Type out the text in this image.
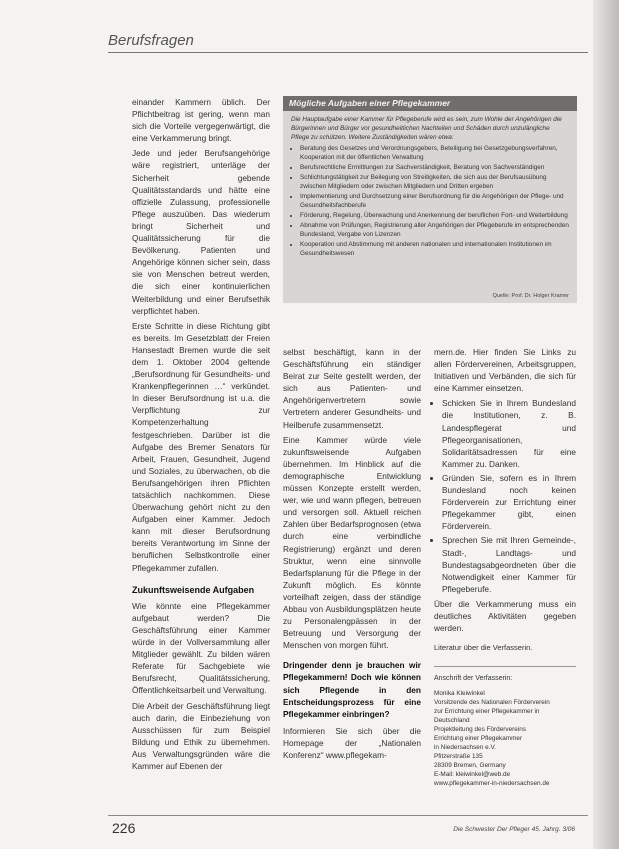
Berufsfragen

einander Kammern üblich. Der Pflichtbeitrag ist gering, wenn man sich die Vorteile vergegenwärtigt, die eine Verkammerung bringt.

Jede und jeder Berufsangehörige wäre registriert, unterläge der Sicherheit gebende Qualitätsstandards und hätte eine offizielle Zulassung, professionelle Pflege auszuüben. Das wiederum bringt Sicherheit und Qualitätssicherung für die Bevölkerung. Patienten und Angehörige können sicher sein, dass sie von Menschen betreut werden, die sich einer kontinuierlichen Weiterbildung und einer Berufsethik verpflichtet haben.

Erste Schritte in diese Richtung gibt es bereits. Im Gesetzblatt der Freien Hansestadt Bremen wurde die seit dem 1. Oktober 2004 geltende „Berufsordnung für Gesundheits- und Krankenpflegerinnen …“ verkündet. In dieser Berufsordnung ist u.a. die Verpflichtung zur Kompetenzerhaltung festgeschrieben. Darüber ist die Aufgabe des Bremer Senators für Arbeit, Frauen, Gesundheit, Jugend und Soziales, zu überwachen, ob die Berufsangehörigen ihren Pflichten tatsächlich nachkommen. Diese Überwachung gehört nicht zu den Aufgaben einer Kammer. Jedoch kann mit dieser Berufsordnung bereits Verantwortung im Sinne der beruflichen Selbstkontrolle einer Pflegekammer zufallen.

Zukunftsweisende Aufgaben

Wie könnte eine Pflegekammer aufgebaut werden? Die Geschäftsführung einer Kammer würde in der Vollversammlung aller Mitglieder gewählt. Zu bilden wären Referate für Sachgebiete wie Berufsrecht, Qualitätssicherung, Öffentlichkeitsarbeit und Verwaltung.

Die Arbeit der Geschäftsführung liegt auch darin, die Einbeziehung von Ausschüssen für zum Beispiel Bildung und Ethik zu übernehmen. Aus Verwaltungsgründen wäre die Kammer auf Ebenen der

Mögliche Aufgaben einer Pflegekammer
Die Hauptaufgabe einer Kammer für Pflegeberufe wird es sein, zum Wohle der Angehörigen die Bürgerinnen und Bürger vor gesundheitlichen Nachteilen und Schäden durch unzulängliche Pflege zu schützen. Weitere Zuständigkeiten wären etwa:
• Beratung des Gesetzes und Verordnungsgebers, Beteiligung bei Gesetzgebungsverfahren, Kooperation mit der öffentlichen Verwaltung
• Berufsrechtliche Ermittlungen zur Sachverständigkeit, Beratung von Sachverständigen
• Schlichtungstätigkeit zur Beilegung von Streitigkeiten, die sich aus der Berufsausübung zwischen Mitgliedern oder zwischen Mitgliedern und Dritten ergeben
• Implementierung und Durchsetzung einer Berufsordnung für die Angehörigen der Pflege- und Gesundheitsfachberufe
• Förderung, Regelung, Überwachung und Anerkennung der beruflichen Fort- und Weiterbildung
• Abnahme von Prüfungen, Registrierung aller Angehörigen der Pflegeberufe im entsprechenden Bundesland, Vergabe von Lizenzen
• Kooperation und Abstimmung mit anderen nationalen und internationalen Institutionen im Gesundheitswesen
Quelle: Prof. Dr. Holger Kramer

selbst beschäftigt, kann in der Geschäftsführung ein ständiger Beirat zur Seite gestellt werden, der sich aus Patienten- und Angehörigenvertretern sowie Vertretern anderer Gesundheits- und Heilberufe zusammensetzt.

Eine Kammer würde viele zukunftsweisende Aufgaben übernehmen. Im Hinblick auf die demographische Entwicklung müssen Konzepte erstellt werden, wer, wie und wann pflegen, betreuen und versorgen soll. Aktuell reichen Zahlen über Bedarfsprognosen (etwa durch eine verbindliche Registrierung) ergänzt und deren Struktur, wenn eine sinnvolle Bedarfsplanung für die Pflege in der Zukunft möglich. Es könnte vorteilhaft zeigen, dass der ständige Abbau von Ausbildungsplätzen heute zu Personalengpässen in der Betreuung und Versorgung der Menschen von morgen führt.

Dringender denn je brauchen wir Pflegekammern! Doch wie können sich Pflegende in den Entscheidungsprozess für eine Pflegekammer einbringen?

Informieren Sie sich über die Homepage der „Nationalen Konferenz“ www.pflegekam-

mern.de. Hier finden Sie Links zu allen Fördervereinen, Arbeitsgruppen, Initiativen und Verbänden, die sich für eine Kammer einsetzen.

• Schicken Sie in Ihrem Bundesland die Institutionen, z. B. Landespflegerat und Pflegeorganisationen, Solidaritätsadressen für eine Kammer zu. Danken.
• Gründen Sie, sofern es in Ihrem Bundesland noch keinen Förderverein zur Errichtung einer Pflegekammer gibt, einen Förderverein.
• Sprechen Sie mit Ihren Gemeinde-, Stadt-, Landtags- und Bundestagsabgeordneten über die Notwendigkeit einer Kammer für Pflegeberufe.

Über die Verkammerung muss ein deutliches Aktivitäten gegeben werden.

Literatur über die Verfasserin.
Anschrift der Verfasserin:
Monika Kleiwinkel
Vorsitzende des Nationalen Förderverein
zur Errichtung einer Pflegekammer in
Deutschland
Projektleitung des Fördervereins
Errichtung einer Pflegekammer
in Niedersachsen e.V.
Pfitzerstraße 135
28309 Bremen, Germany
E-Mail: kleiwinkel@web.de
www.pflegekammer-in-niedersachsen.de
226	Die Schwester Der Pfleger 45. Jahrg. 3/06
